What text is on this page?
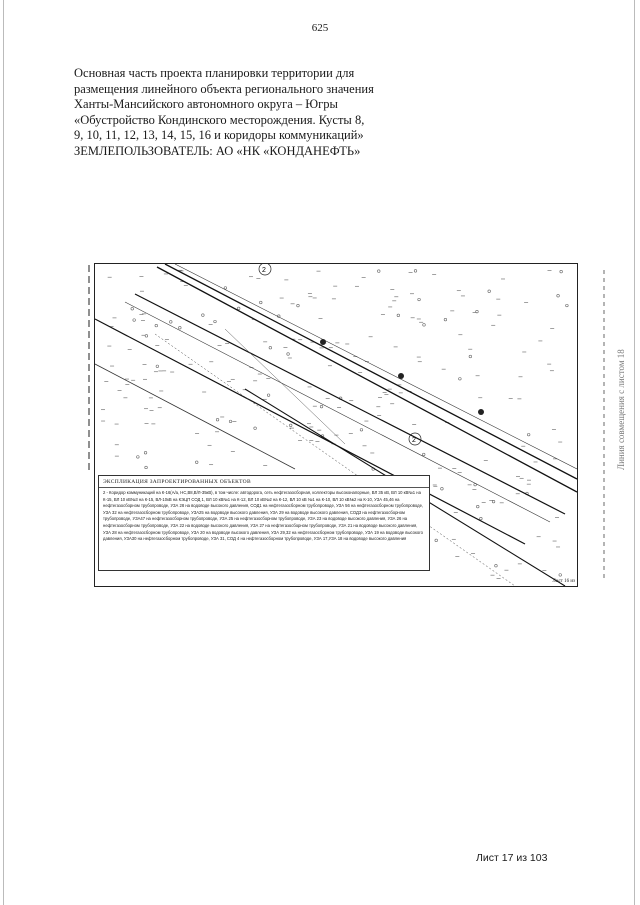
625
Основная часть проекта планировки территории для
размещения линейного объекта регионального значения
Ханты-Мансийского автономного округа – Югры
«Обустройство Кондинского месторождения. Кусты 8,
9, 10, 11, 12, 13, 14, 15, 16 и коридоры коммуникаций»
ЗЕМЛЕПОЛЬЗОВАТЕЛЬ: АО «НК «КОНДАНЕФТЬ»
Линия совмещения с листом 18
2
2
Лист 16 из
ЭКСПЛИКАЦИЯ ЗАПРОЕКТИРОВАННЫХ ОБЪЕКТОВ
2 - Коридор коммуникаций на К-16(А/а, НС,В8,В/Л-35кВ), в том числе: автодорога, сеть нефтегазосборная, коллекторы высоконапорные, ВЛ 35 кВ, ВЛ 10 кВ№1 на К-15, ВЛ 10 кВ№3 на К-15, ВЛ-10кВ на КЭЦП СОД 1, ВЛ 10 кВ№1 на К-12, ВЛ 10 кВ№2 на К-12, ВЛ 10 кВ №1 на К-10, ВЛ 10 кВ№2 на К-10, УЗА 45,46 на нефтегазосборном трубопроводе, УЗА 28 на водоводе высокого давления, СОД1 на нефтегазосборном трубопроводе, УЗА 56 на нефтегазосборном трубопроводе, УЗА 32 на нефтегазосборном трубопроводе, УЗА25 на водоводе высокого давления, УЗА 29 на водоводе высокого давления, СОД3 на нефтегазосборном трубопроводе, УЗА47 на нефтегазосборном трубопроводе, УЗА 25 на нефтегазосборном трубопроводе, УЗА 23 на водоводе высокого давления, УЗА 26 на нефтегазосборном трубопроводе, УЗА 22 на водоводе высокого давления, УЗА 27 на нефтегазосборном трубопроводе, УЗА 21 на водоводе высокого давления, УЗА 28 на нефтегазосборном трубопроводе, УЗА 20 на водоводе высокого давления, УЗА 29,32 на нефтегазосборном трубопроводе, УЗА 19 на водоводе высокого давления, УЗА30 на нефтегазосборном трубопроводе, УЗА 31, СОД 4 на нефтегазосборном трубопроводе, УЗА 17,УЗА 18 на водоводе высокого давления
Лист 17 из 103
